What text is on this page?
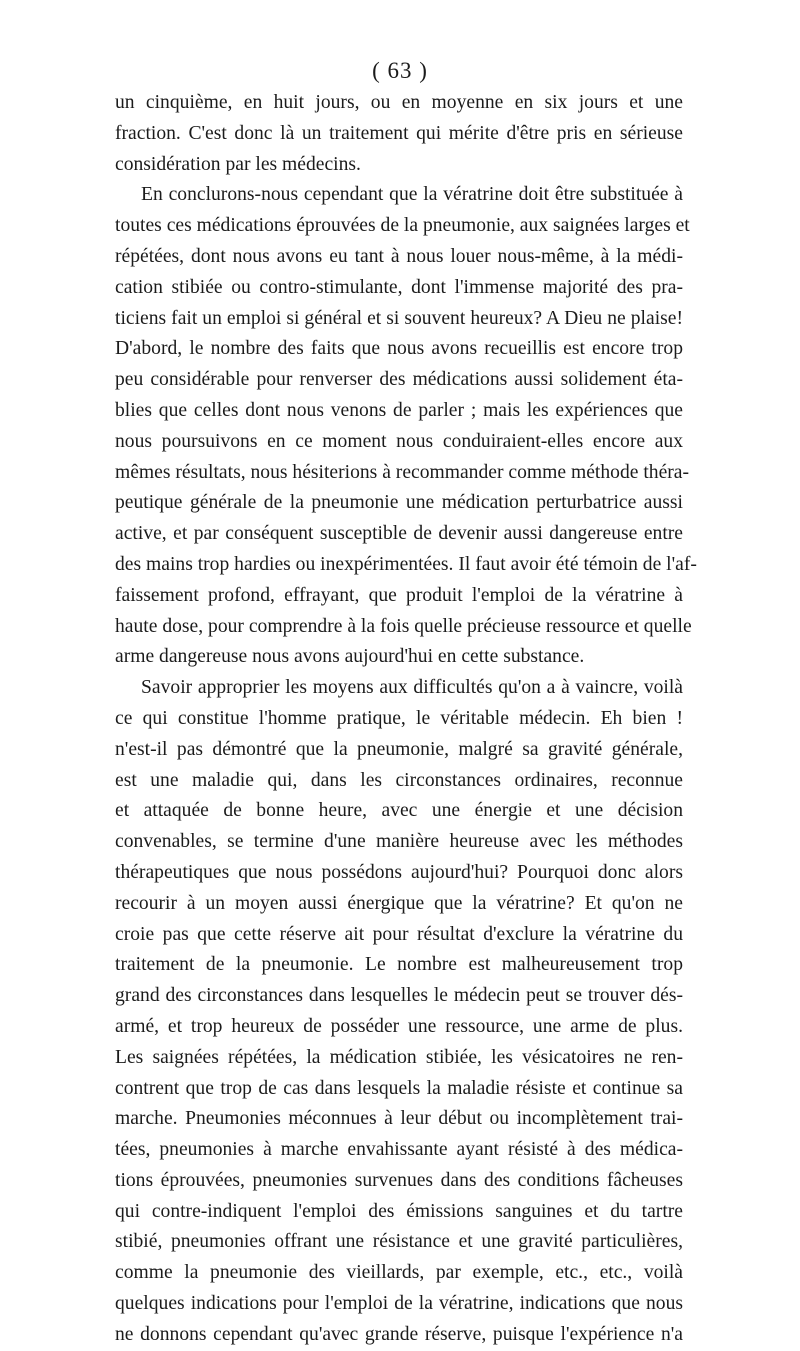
( 63 )
un cinquième, en huit jours, ou en moyenne en six jours et une
fraction. C'est donc là un traitement qui mérite d'être pris en sérieuse
considération par les médecins.
En conclurons-nous cependant que la vératrine doit être substituée à
toutes ces médications éprouvées de la pneumonie, aux saignées larges et
répétées, dont nous avons eu tant à nous louer nous-même, à la médi-
cation stibiée ou contro-stimulante, dont l'immense majorité des pra-
ticiens fait un emploi si général et si souvent heureux? A Dieu ne plaise!
D'abord, le nombre des faits que nous avons recueillis est encore trop
peu considérable pour renverser des médications aussi solidement éta-
blies que celles dont nous venons de parler ; mais les expériences que
nous poursuivons en ce moment nous conduiraient-elles encore aux
mêmes résultats, nous hésiterions à recommander comme méthode théra-
peutique générale de la pneumonie une médication perturbatrice aussi
active, et par conséquent susceptible de devenir aussi dangereuse entre
des mains trop hardies ou inexpérimentées. Il faut avoir été témoin de l'af-
faissement profond, effrayant, que produit l'emploi de la vératrine à
haute dose, pour comprendre à la fois quelle précieuse ressource et quelle
arme dangereuse nous avons aujourd'hui en cette substance.
Savoir approprier les moyens aux difficultés qu'on a à vaincre, voilà
ce qui constitue l'homme pratique, le véritable médecin. Eh bien !
n'est-il pas démontré que la pneumonie, malgré sa gravité générale,
est une maladie qui, dans les circonstances ordinaires, reconnue
et attaquée de bonne heure, avec une énergie et une décision
convenables, se termine d'une manière heureuse avec les méthodes
thérapeutiques que nous possédons aujourd'hui? Pourquoi donc alors
recourir à un moyen aussi énergique que la vératrine? Et qu'on ne
croie pas que cette réserve ait pour résultat d'exclure la vératrine du
traitement de la pneumonie. Le nombre est malheureusement trop
grand des circonstances dans lesquelles le médecin peut se trouver dés-
armé, et trop heureux de posséder une ressource, une arme de plus.
Les saignées répétées, la médication stibiée, les vésicatoires ne ren-
contrent que trop de cas dans lesquels la maladie résiste et continue sa
marche. Pneumonies méconnues à leur début ou incomplètement trai-
tées, pneumonies à marche envahissante ayant résisté à des médica-
tions éprouvées, pneumonies survenues dans des conditions fâcheuses
qui contre-indiquent l'emploi des émissions sanguines et du tartre
stibié, pneumonies offrant une résistance et une gravité particulières,
comme la pneumonie des vieillards, par exemple, etc., etc., voilà
quelques indications pour l'emploi de la vératrine, indications que nous
ne donnons cependant qu'avec grande réserve, puisque l'expérience n'a
